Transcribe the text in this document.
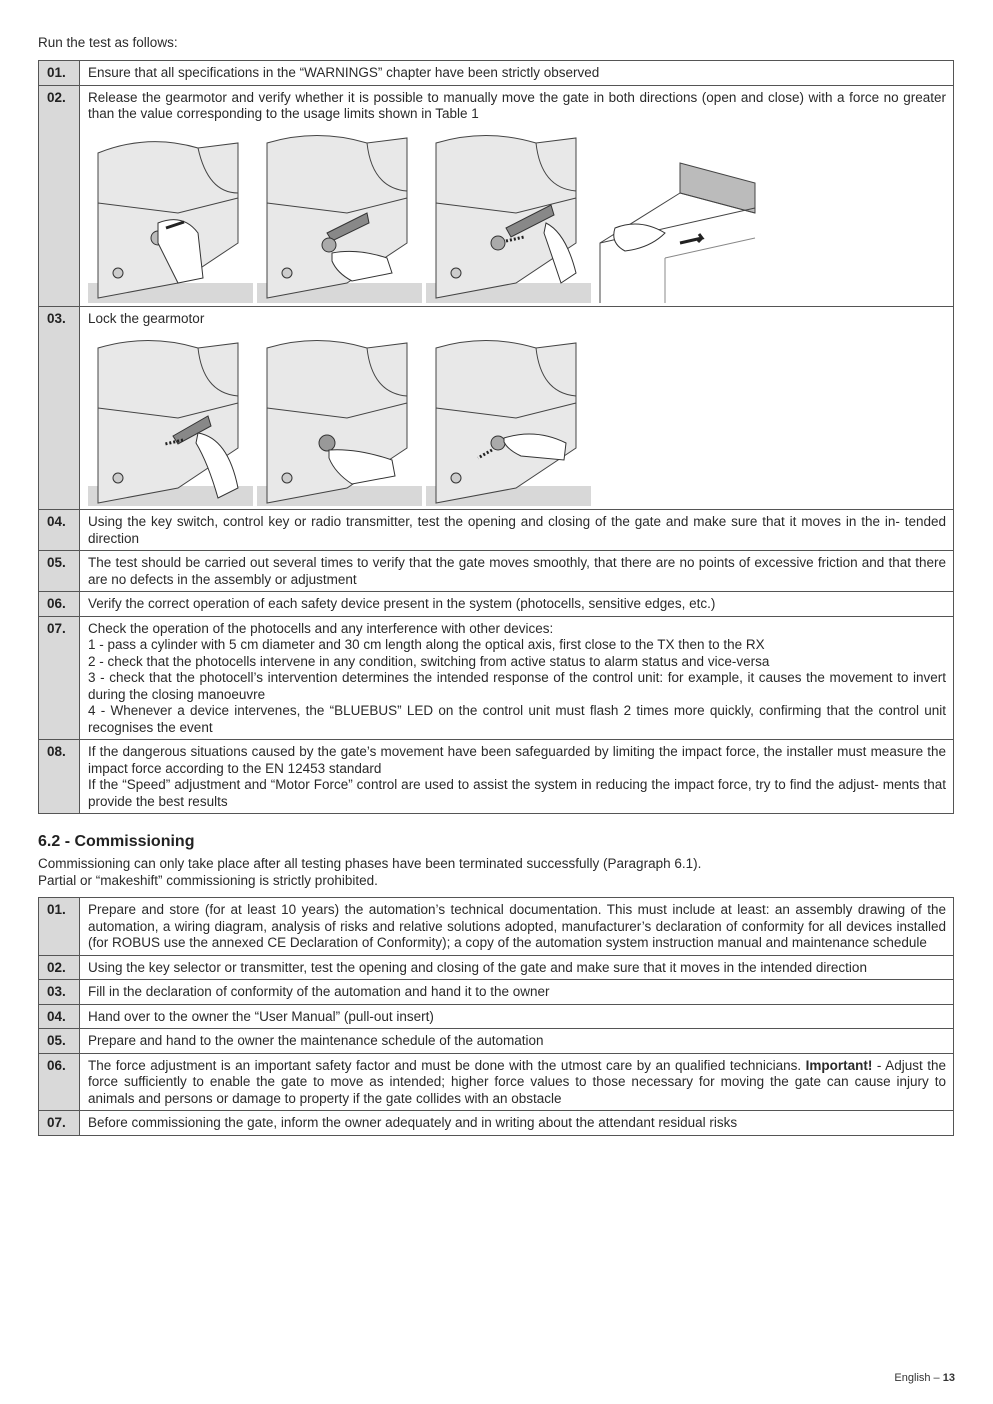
Run the test as follows:
01.	Ensure that all specifications in the “WARNINGS” chapter have been strictly observed
02.	Release the gearmotor and verify whether it is possible to manually move the gate in both directions (open and close) with a force no greater than the value corresponding to the usage limits shown in Table 1

03.	Lock the gearmotor

04.	Using the key switch, control key or radio transmitter, test the opening and closing of the gate and make sure that it moves in the in- tended direction
05.	The test should be carried out several times to verify that the gate moves smoothly, that there are no points of excessive friction and that there are no defects in the assembly or adjustment
06.	Verify the correct operation of each safety device present in the system (photocells, sensitive edges, etc.)
07.	Check the operation of the photocells and any interference with other devices:
1 - pass a cylinder with 5 cm diameter and 30 cm length along the optical axis, first close to the TX then to the RX
2 - check that the photocells intervene in any condition, switching from active status to alarm status and vice-versa
3 - check that the photocell’s intervention determines the intended response of the control unit: for example, it causes the movement to invert during the closing manoeuvre
4 - Whenever a device intervenes, the “BLUEBUS” LED on the control unit must flash 2 times more quickly, confirming that the control unit recognises the event

08.	If the dangerous situations caused by the gate’s movement have been safeguarded by limiting the impact force, the installer must measure the impact force according to the EN 12453 standard
If the “Speed” adjustment and “Motor Force” control are used to assist the system in reducing the impact force, try to find the adjust- ments that provide the best results
6.2 - Commissioning
Commissioning can only take place after all testing phases have been terminated successfully (Paragraph 6.1).
Partial or “makeshift” commissioning is strictly prohibited.
01.	Prepare and store (for at least 10 years) the automation’s technical documentation. This must include at least: an assembly drawing of the automation, a wiring diagram, analysis of risks and relative solutions adopted, manufacturer’s declaration of conformity for all devices installed (for ROBUS use the annexed CE Declaration of Conformity); a copy of the automation system instruction manual and maintenance schedule
02.	Using the key selector or transmitter, test the opening and closing of the gate and make sure that it moves in the intended direction
03.	Fill in the declaration of conformity of the automation and hand it to the owner
04.	Hand over to the owner the “User Manual” (pull-out insert)
05.	Prepare and hand to the owner the maintenance schedule of the automation
06.	The force adjustment is an important safety factor and must be done with the utmost care by an qualified technicians. Important! - Adjust the force sufficiently to enable the gate to move as intended; higher force values to those necessary for moving the gate can cause injury to animals and persons or damage to property if the gate collides with an obstacle
07.	Before commissioning the gate, inform the owner adequately and in writing about the attendant residual risks
English – 13
